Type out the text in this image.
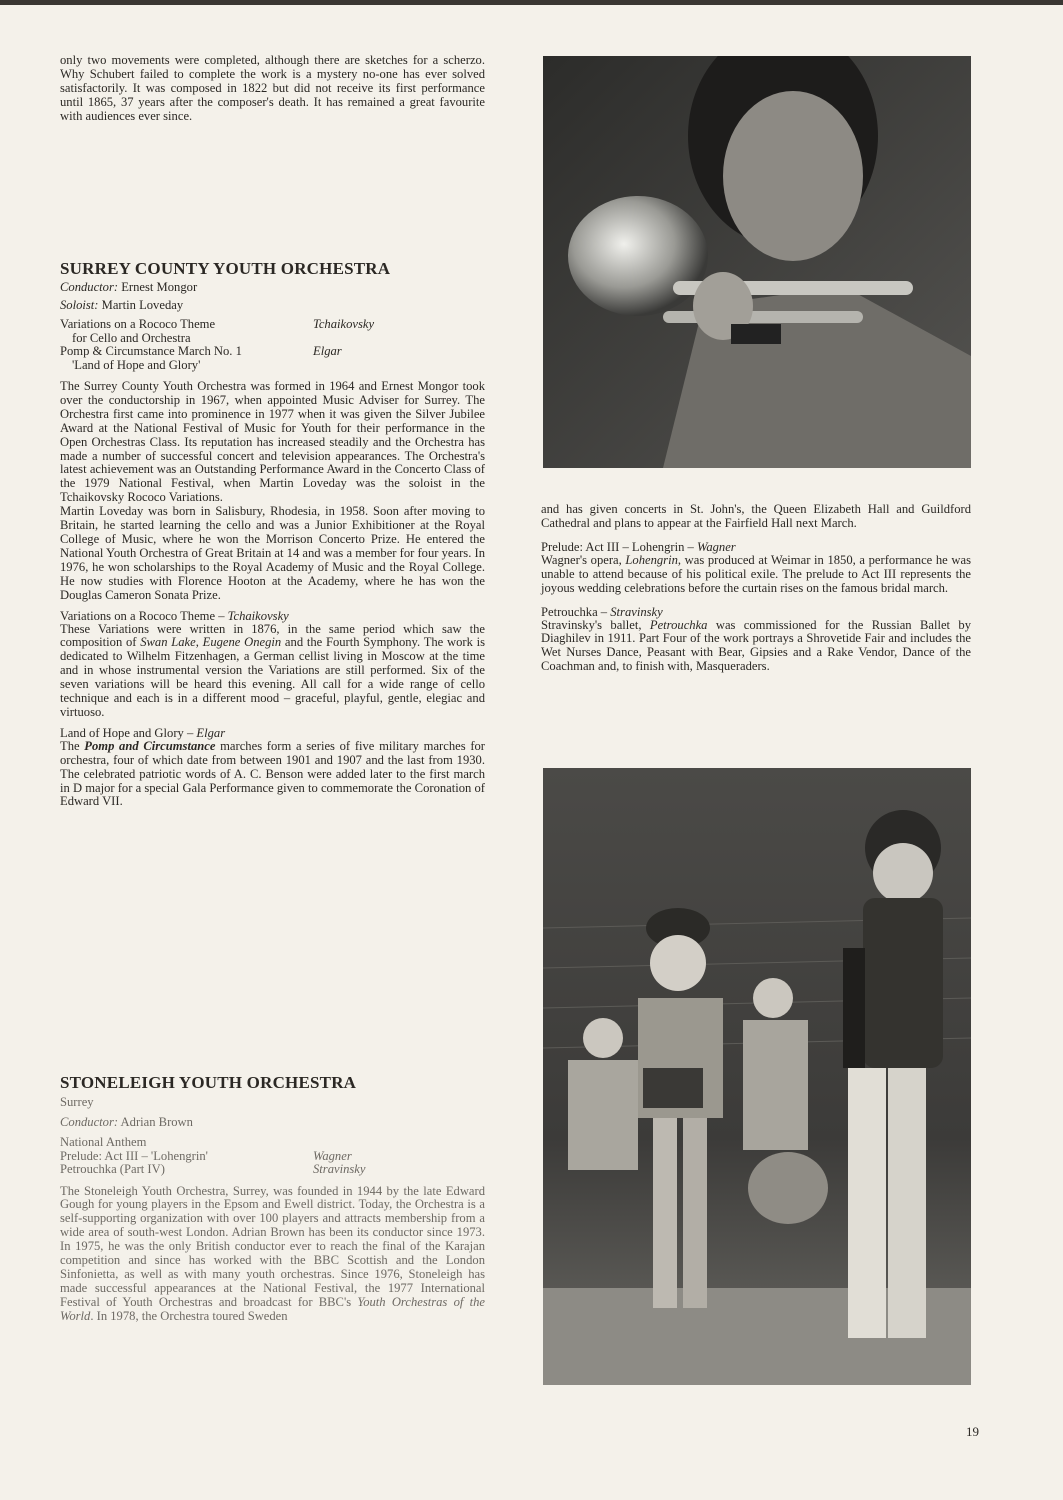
only two movements were completed, although there are sketches for a scherzo. Why Schubert failed to complete the work is a mystery no-one has ever solved satisfactorily. It was composed in 1822 but did not receive its first performance until 1865, 37 years after the composer's death. It has remained a great favourite with audiences ever since.

SURREY COUNTY YOUTH ORCHESTRA
Conductor: Ernest Mongor
Soloist: Martin Loveday
Variations on a Rococo Theme
for Cello and Orchestra
Tchaikovsky
Pomp & Circumstance March No. 1
'Land of Hope and Glory'
Elgar

The Surrey County Youth Orchestra was formed in 1964 and Ernest Mongor took over the conductorship in 1967, when appointed Music Adviser for Surrey. The Orchestra first came into prominence in 1977 when it was given the Silver Jubilee Award at the National Festival of Music for Youth for their performance in the Open Orchestras Class. Its reputation has increased steadily and the Orchestra has made a number of successful concert and television appearances. The Orchestra's latest achievement was an Outstanding Performance Award in the Concerto Class of the 1979 National Festival, when Martin Loveday was the soloist in the Tchaikovsky Rococo Variations.

Martin Loveday was born in Salisbury, Rhodesia, in 1958. Soon after moving to Britain, he started learning the cello and was a Junior Exhibitioner at the Royal College of Music, where he won the Morrison Concerto Prize. He entered the National Youth Orchestra of Great Britain at 14 and was a member for four years. In 1976, he won scholarships to the Royal Academy of Music and the Royal College. He now studies with Florence Hooton at the Academy, where he has won the Douglas Cameron Sonata Prize.

Variations on a Rococo Theme – Tchaikovsky

These Variations were written in 1876, in the same period which saw the composition of Swan Lake, Eugene Onegin and the Fourth Symphony. The work is dedicated to Wilhelm Fitzenhagen, a German cellist living in Moscow at the time and in whose instrumental version the Variations are still performed. Six of the seven variations will be heard this evening. All call for a wide range of cello technique and each is in a different mood – graceful, playful, gentle, elegiac and virtuoso.

Land of Hope and Glory – Elgar

The Pomp and Circumstance marches form a series of five military marches for orchestra, four of which date from between 1901 and 1907 and the last from 1930. The celebrated patriotic words of A. C. Benson were added later to the first march in D major for a special Gala Performance given to commemorate the Coronation of Edward VII.

STONELEIGH YOUTH ORCHESTRA
Surrey
Conductor: Adrian Brown
National Anthem
Prelude: Act III – 'Lohengrin'	Wagner
Petrouchka (Part IV)	Stravinsky

The Stoneleigh Youth Orchestra, Surrey, was founded in 1944 by the late Edward Gough for young players in the Epsom and Ewell district. Today, the Orchestra is a self-supporting organization with over 100 players and attracts membership from a wide area of south-west London. Adrian Brown has been its conductor since 1973. In 1975, he was the only British conductor ever to reach the final of the Karajan competition and since has worked with the BBC Scottish and the London Sinfonietta, as well as with many youth orchestras. Since 1976, Stoneleigh has made successful appearances at the National Festival, the 1977 International Festival of Youth Orchestras and broadcast for BBC's Youth Orchestras of the World. In 1978, the Orchestra toured Sweden

and has given concerts in St. John's, the Queen Elizabeth Hall and Guildford Cathedral and plans to appear at the Fairfield Hall next March.

Prelude: Act III – Lohengrin – Wagner

Wagner's opera, Lohengrin, was produced at Weimar in 1850, a performance he was unable to attend because of his political exile. The prelude to Act III represents the joyous wedding celebrations before the curtain rises on the famous bridal march.

Petrouchka – Stravinsky

Stravinsky's ballet, Petrouchka was commissioned for the Russian Ballet by Diaghilev in 1911. Part Four of the work portrays a Shrovetide Fair and includes the Wet Nurses Dance, Peasant with Bear, Gipsies and a Rake Vendor, Dance of the Coachman and, to finish with, Masqueraders.

19
